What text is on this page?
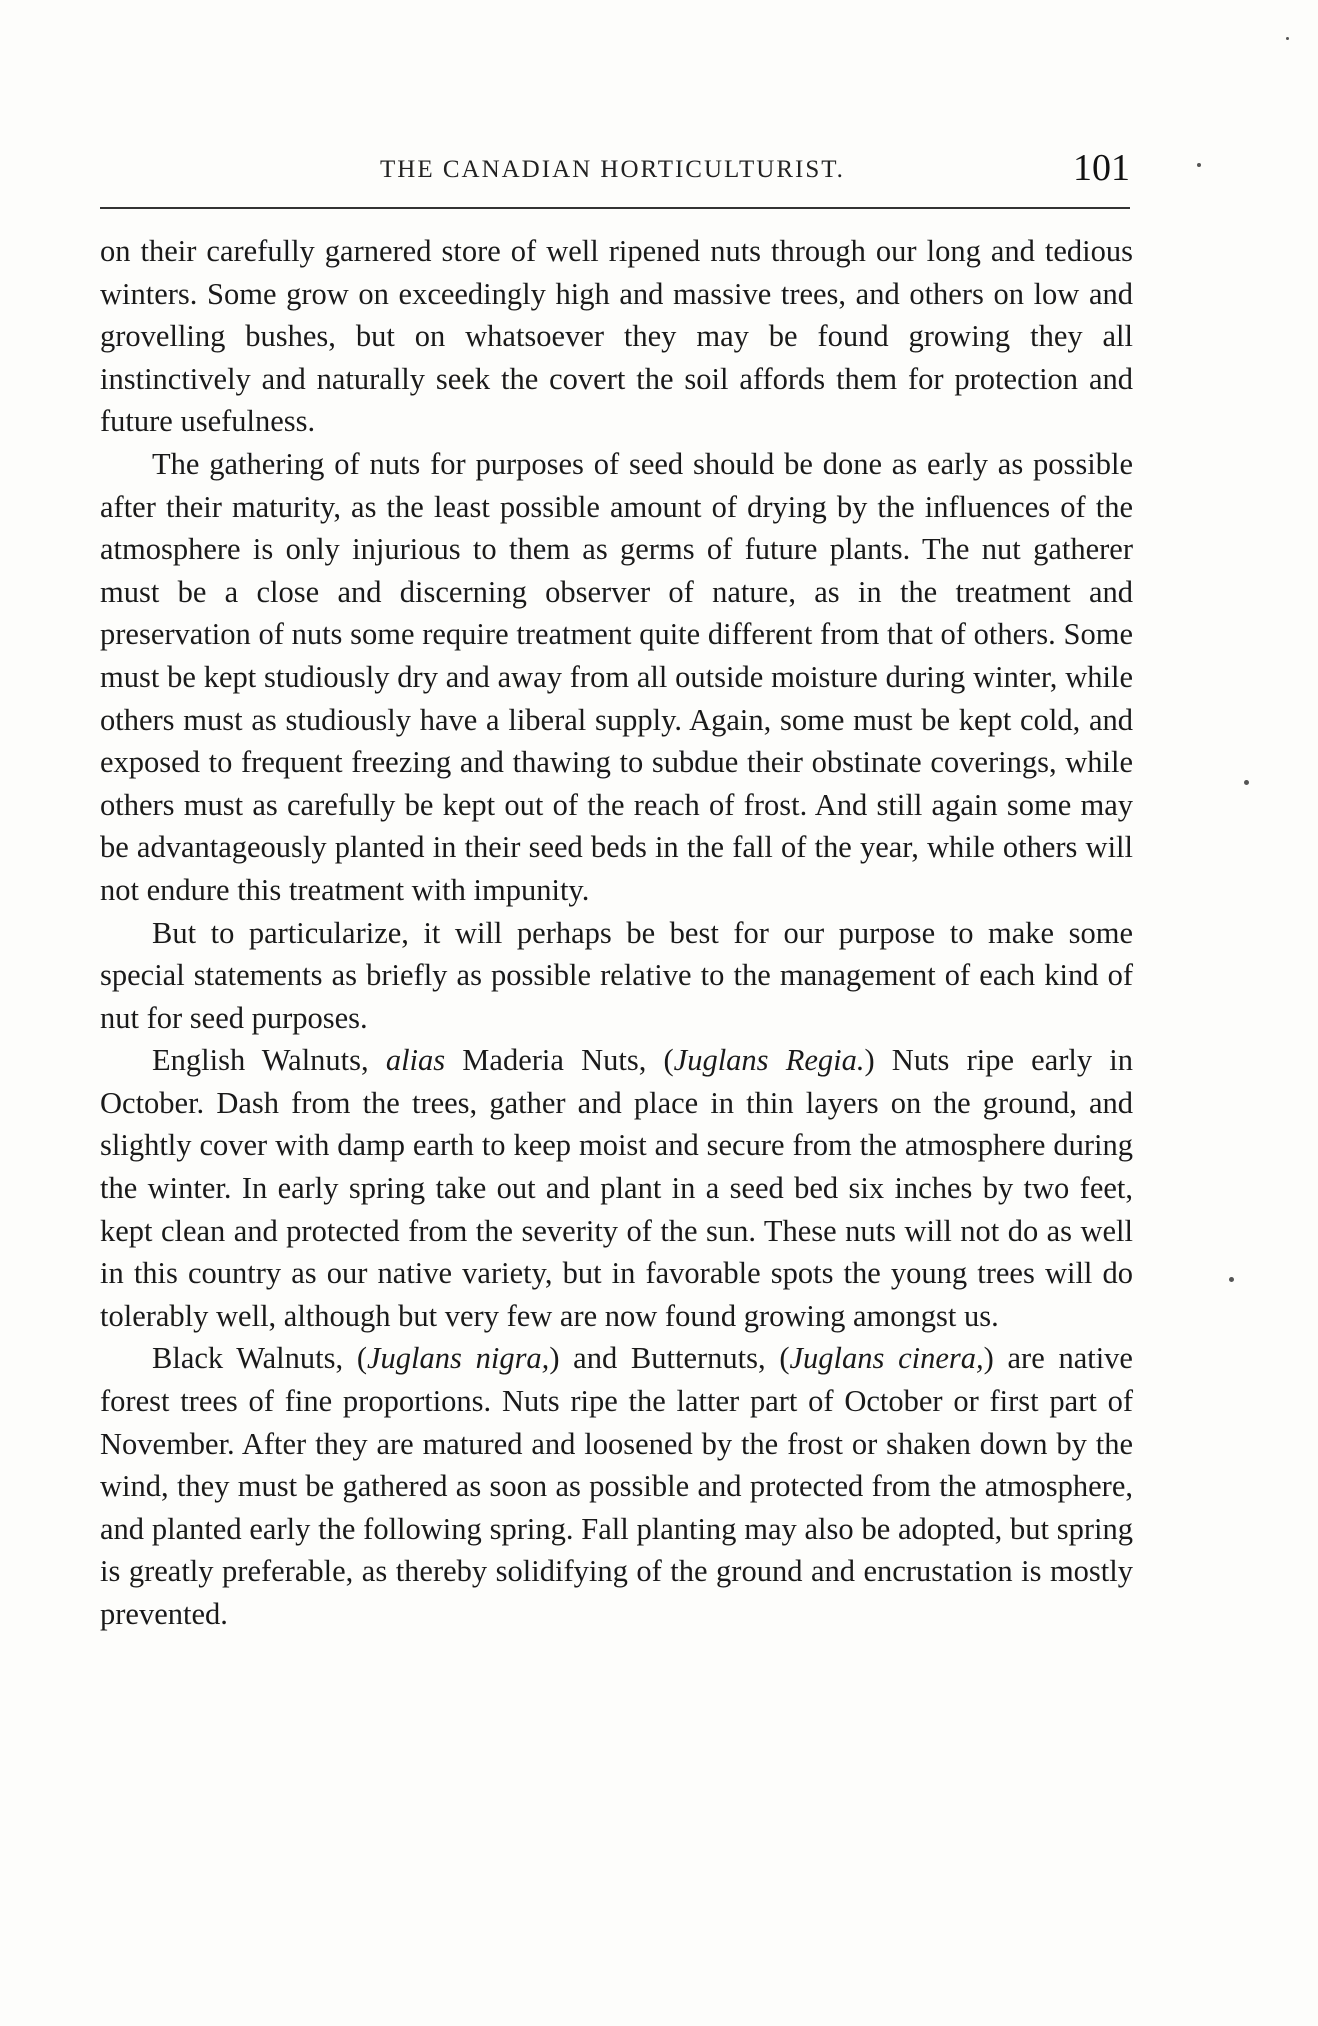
THE CANADIAN HORTICULTURIST.	101

on their carefully garnered store of well ripened nuts through our long and tedious winters. Some grow on exceedingly high and massive trees, and others on low and grovelling bushes, but on whatsoever they may be found growing they all instinctively and naturally seek the covert the soil affords them for protection and future usefulness.

The gathering of nuts for purposes of seed should be done as early as possible after their maturity, as the least possible amount of drying by the influences of the atmosphere is only injurious to them as germs of future plants. The nut gatherer must be a close and discerning observer of nature, as in the treatment and preservation of nuts some require treatment quite different from that of others. Some must be kept studiously dry and away from all outside moisture during winter, while others must as studiously have a liberal supply. Again, some must be kept cold, and exposed to frequent freezing and thawing to subdue their obstinate coverings, while others must as carefully be kept out of the reach of frost. And still again some may be advantageously planted in their seed beds in the fall of the year, while others will not endure this treatment with impunity.

But to particularize, it will perhaps be best for our purpose to make some special statements as briefly as possible relative to the management of each kind of nut for seed purposes.

English Walnuts, alias Maderia Nuts, (Juglans Regia.) Nuts ripe early in October. Dash from the trees, gather and place in thin layers on the ground, and slightly cover with damp earth to keep moist and secure from the atmosphere during the winter. In early spring take out and plant in a seed bed six inches by two feet, kept clean and protected from the severity of the sun. These nuts will not do as well in this country as our native variety, but in favorable spots the young trees will do tolerably well, although but very few are now found growing amongst us.

Black Walnuts, (Juglans nigra,) and Butternuts, (Juglans cinera,) are native forest trees of fine proportions. Nuts ripe the latter part of October or first part of November. After they are matured and loosened by the frost or shaken down by the wind, they must be gathered as soon as possible and protected from the atmosphere, and planted early the following spring. Fall planting may also be adopted, but spring is greatly preferable, as thereby solidifying of the ground and encrustation is mostly prevented.
